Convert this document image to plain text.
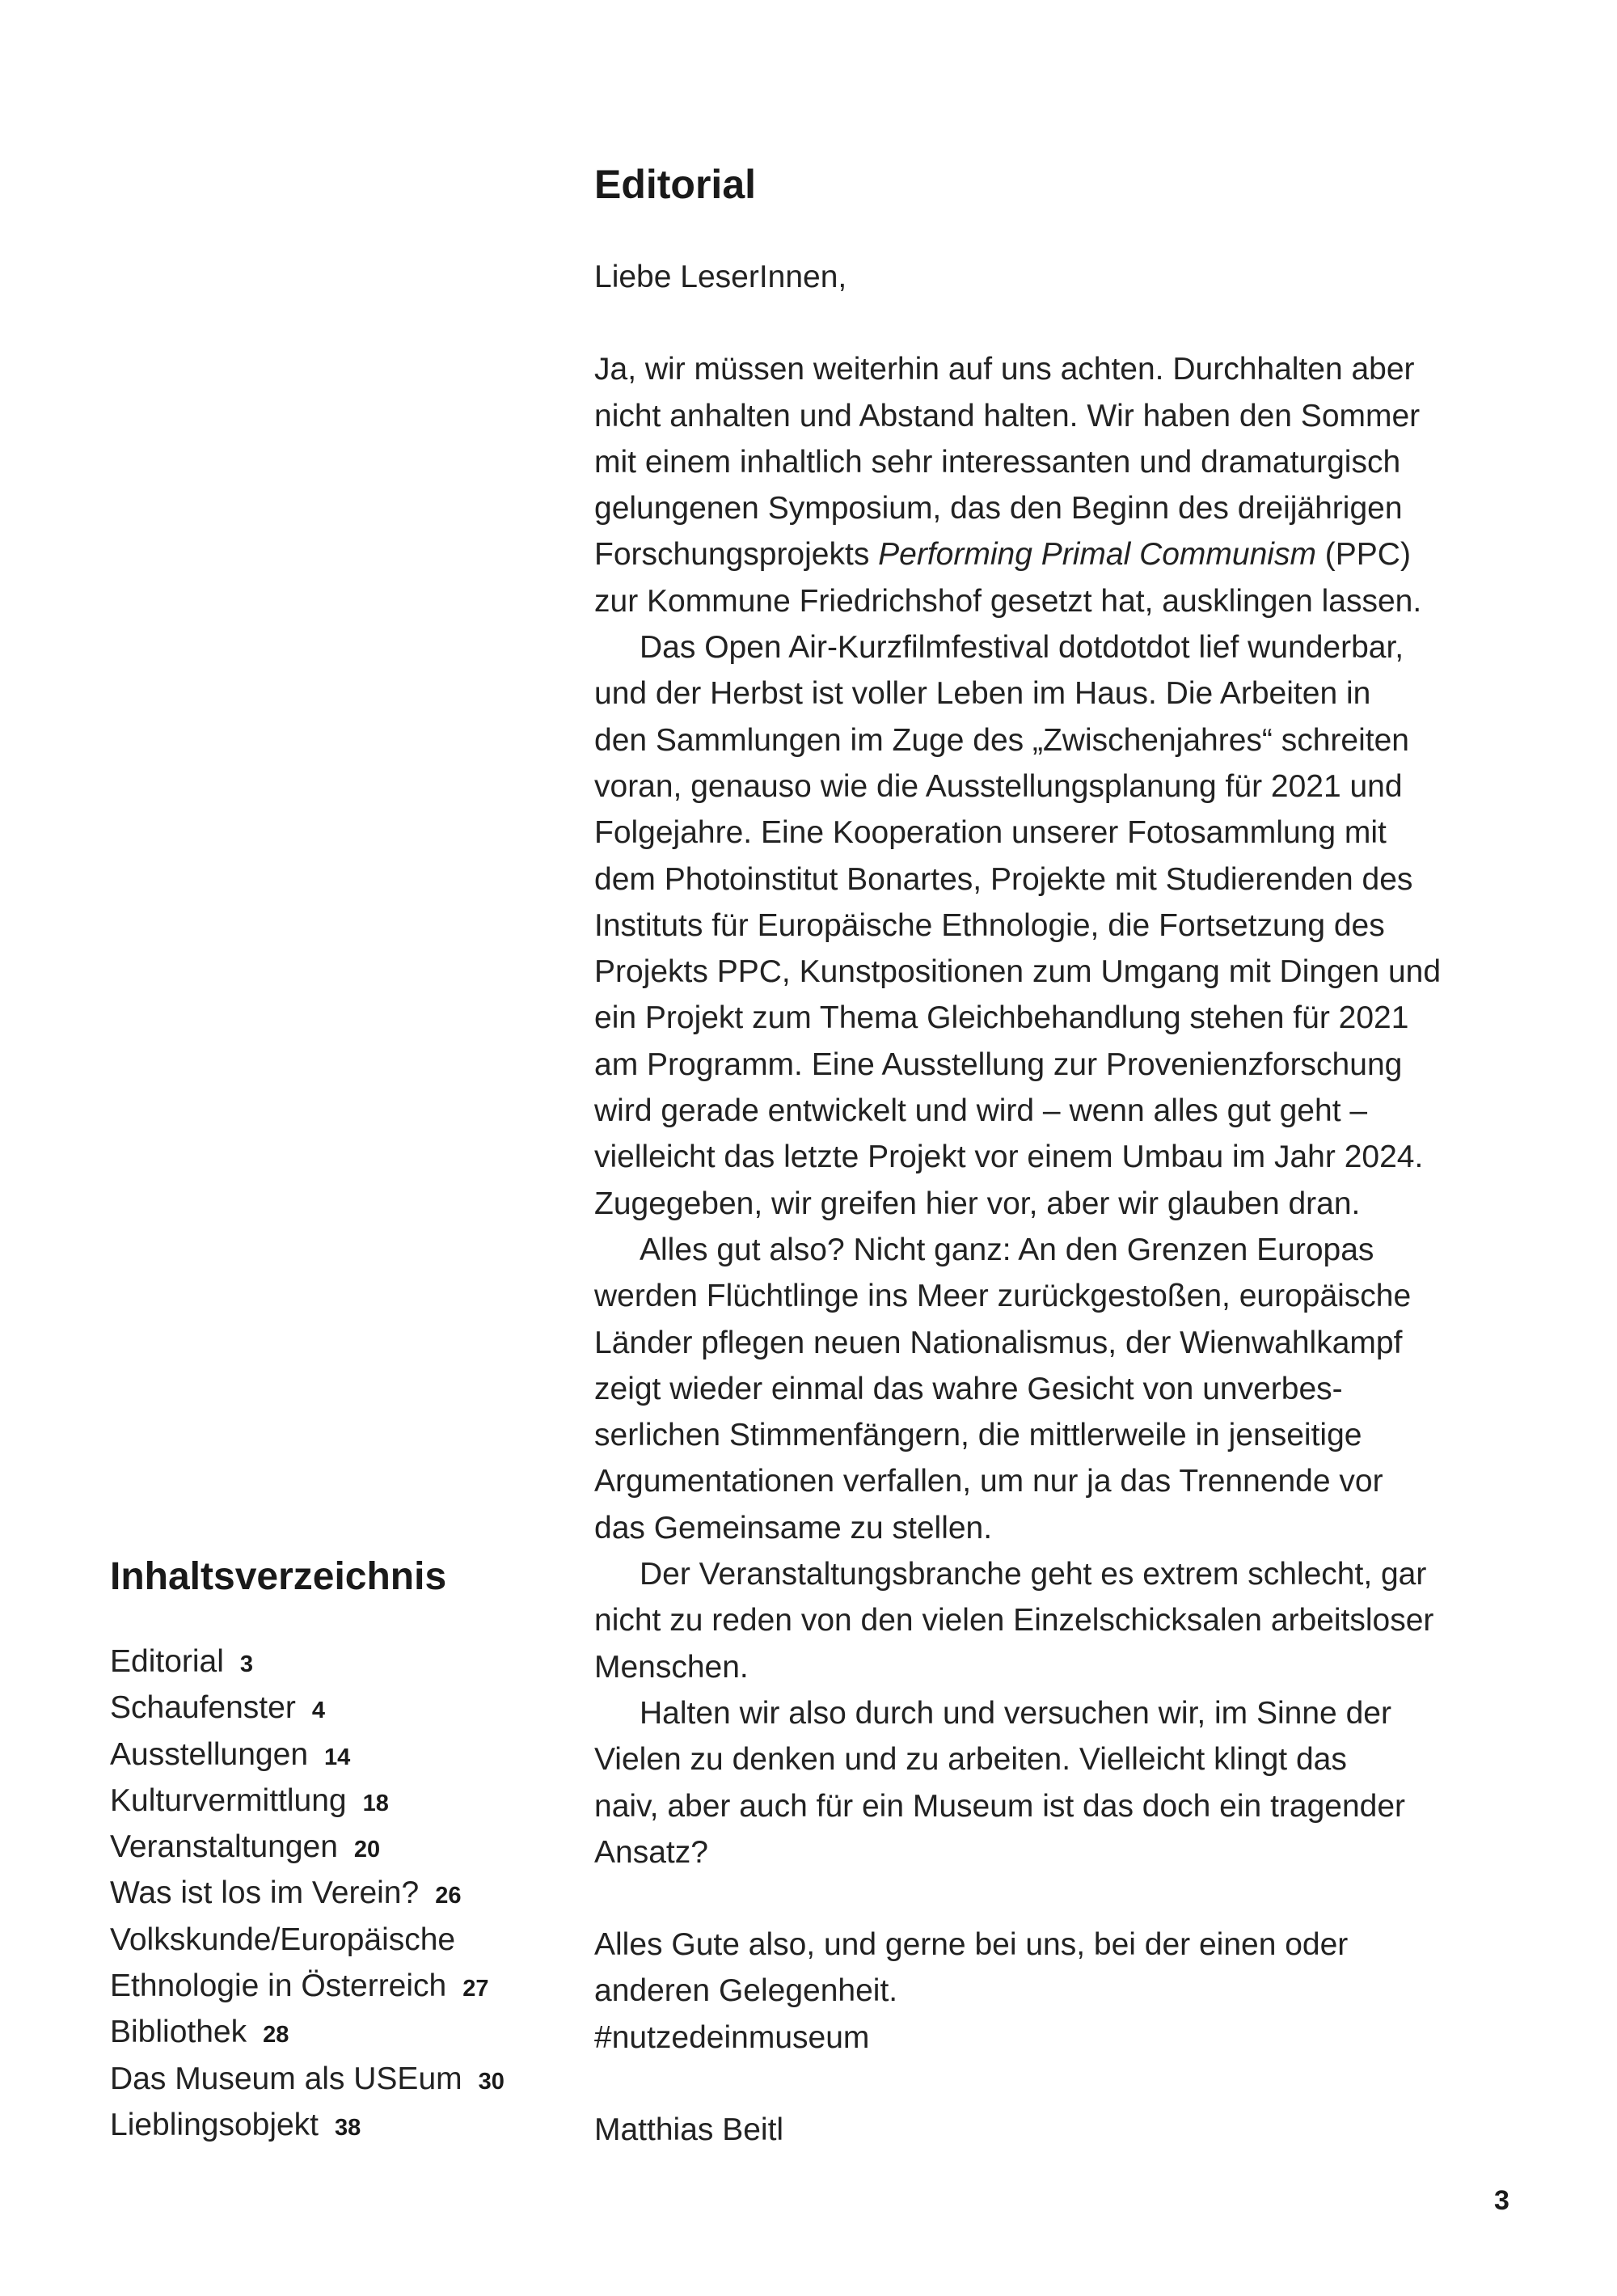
Editorial

Liebe LeserInnen,

Ja, wir müssen weiterhin auf uns achten. Durchhalten aber
nicht anhalten und Abstand halten. Wir haben den Sommer
mit einem inhaltlich sehr interessanten und dramaturgisch
gelungenen Symposium, das den Beginn des dreijährigen
Forschungsprojekts Performing Primal Communism (PPC)
zur Kommune Friedrichshof gesetzt hat, ausklingen lassen.
Das Open Air-Kurzfilmfestival dotdotdot lief wunderbar,
und der Herbst ist voller Leben im Haus. Die Arbeiten in
den Sammlungen im Zuge des „Zwischenjahres“ schreiten
voran, genauso wie die Ausstellungsplanung für 2021 und
Folgejahre. Eine Kooperation unserer Fotosammlung mit
dem Photoinstitut Bonartes, Projekte mit Studierenden des
Instituts für Europäische Ethnologie, die Fortsetzung des
Projekts PPC, Kunstpositionen zum Umgang mit Dingen und
ein Projekt zum Thema Gleichbehandlung stehen für 2021
am Programm. Eine Ausstellung zur Provenienzforschung
wird gerade entwickelt und wird – wenn alles gut geht –
vielleicht das letzte Projekt vor einem Umbau im Jahr 2024.
Zugegeben, wir greifen hier vor, aber wir glauben dran.
Alles gut also? Nicht ganz: An den Grenzen Europas
werden Flüchtlinge ins Meer zurückgestoßen, europäische
Länder pflegen neuen Nationalismus, der Wienwahlkampf
zeigt wieder einmal das wahre Gesicht von unverbes-
serlichen Stimmenfängern, die mittlerweile in jenseitige
Argumentationen verfallen, um nur ja das Trennende vor
das Gemeinsame zu stellen.
Der Veranstaltungsbranche geht es extrem schlecht, gar
nicht zu reden von den vielen Einzelschicksalen arbeitsloser
Menschen.
Halten wir also durch und versuchen wir, im Sinne der
Vielen zu denken und zu arbeiten. Vielleicht klingt das
naiv, aber auch für ein Museum ist das doch ein tragender
Ansatz?
Alles Gute also, und gerne bei uns, bei der einen oder
anderen Gelegenheit.
#nutzedeinmuseum

Matthias Beitl

Inhaltsverzeichnis
Editorial 3
Schaufenster 4
Ausstellungen 14
Kulturvermittlung 18
Veranstaltungen 20
Was ist los im Verein? 26
Volkskunde/Europäische
Ethnologie in Österreich 27
Bibliothek 28
Das Museum als USEum 30
Lieblingsobjekt 38
3
